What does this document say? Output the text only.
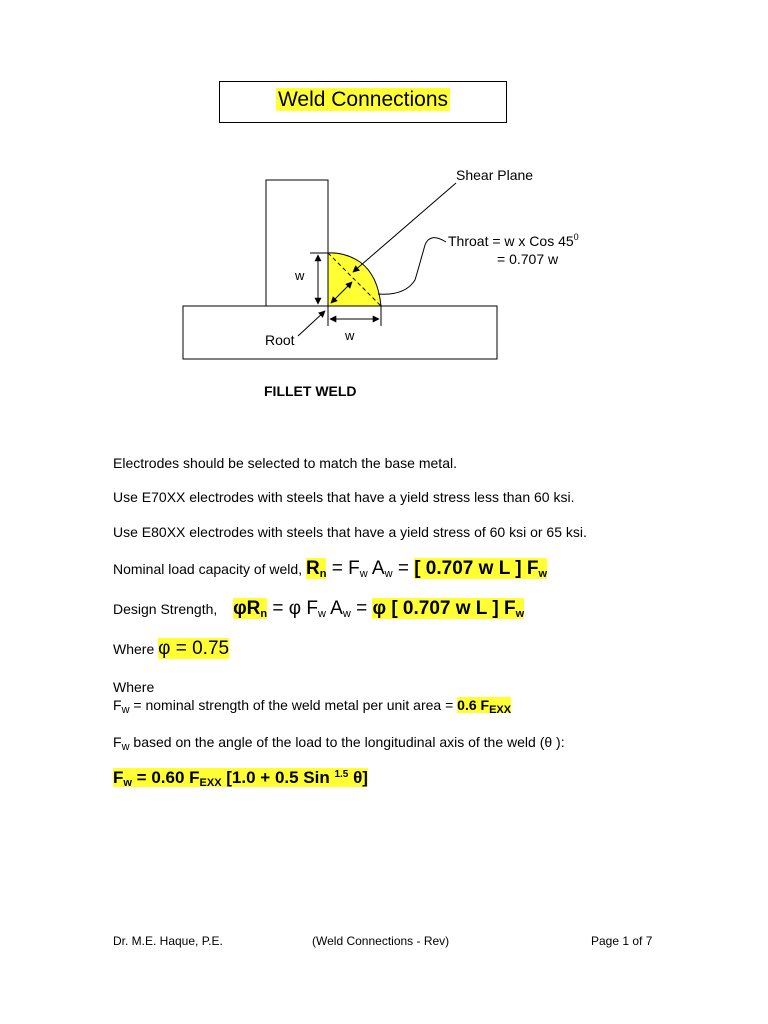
Weld Connections
Shear Plane
Throat = w x Cos $45^0$
= 0.707 w
w
w
Root
FILLET WELD
Electrodes should be selected to match the base metal.
Use E70XX electrodes with steels that have a yield stress less than 60 ksi.
Use E80XX electrodes with steels that have a yield stress of 60 ksi or 65 ksi.
Nominal load capacity of weld, $R_n = F_w$ $A_w$ = [ 0.707 w L ] $F_w$
Design Strength, $\varphi R_n = \varphi$ $F_w$ $A_w = \varphi$ [ 0.707 w L ] $F_w$
Where φ = 0.75
Where
$F_w$ = nominal strength of the weld metal per unit area = 0.6 $F_{EXX}$
$F_w$ based on the angle of the load to the longitudinal axis of the weld (θ ):
$F_w = 0.60$ $F_{EXX}$ [1.0 + 0.5 Sin $^{1.5}$ θ]
Dr. M.E. Haque, P.E.	(Weld Connections - Rev)	Page 1 of 7
